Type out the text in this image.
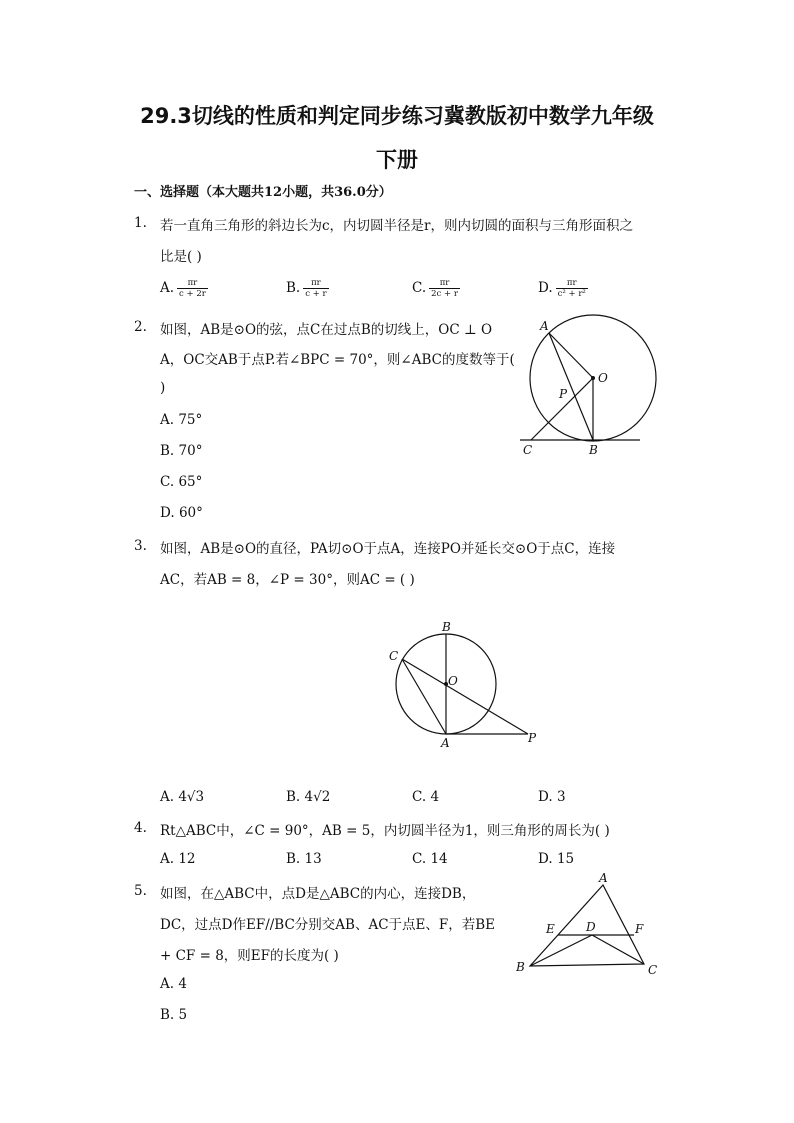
29.3切线的性质和判定同步练习冀教版初中数学九年级
下册
一、选择题（本大题共12小题，共36.0分）
1. 若一直角三角形的斜边长为c，内切圆半径是r，则内切圆的面积与三角形面积之
比是( )
A. $\frac{\pi r}{c + 2r}$	B. $\frac{\pi r}{c + r}$	C. $\frac{\pi r}{2c + r}$	D. $\frac{\pi r}{\text{c² + r²}}$
2. 如图，AB是⊙O的弦，点C在过点B的切线上，OC ⊥ O
A，OC交AB于点P.若∠BPC = 70°，则∠ABC的度数等于(
)
A. 75°
B. 70°
C. 65°
D. 60°
A
O
P
C	B
3. 如图，AB是⊙O的直径，PA切⊙O于点A，连接PO并延长交⊙O于点C，连接
AC，若AB = 8，∠P = 30°，则AC = ( )
B
C
O
A	P
A. 4√3	B. 4√2	C. 4	D. 3
4. Rt△ABC中，∠C = 90°，AB = 5，内切圆半径为1，则三角形的周长为( )
A. 12	B. 13	C. 14	D. 15
5. 如图，在△ABC中，点D是△ABC的内心，连接DB，
DC，过点D作EF//BC分别交AB、AC于点E、F，若BE
+ CF = 8，则EF的长度为( )
A. 4
B. 5
A
E	D	F
B	C
